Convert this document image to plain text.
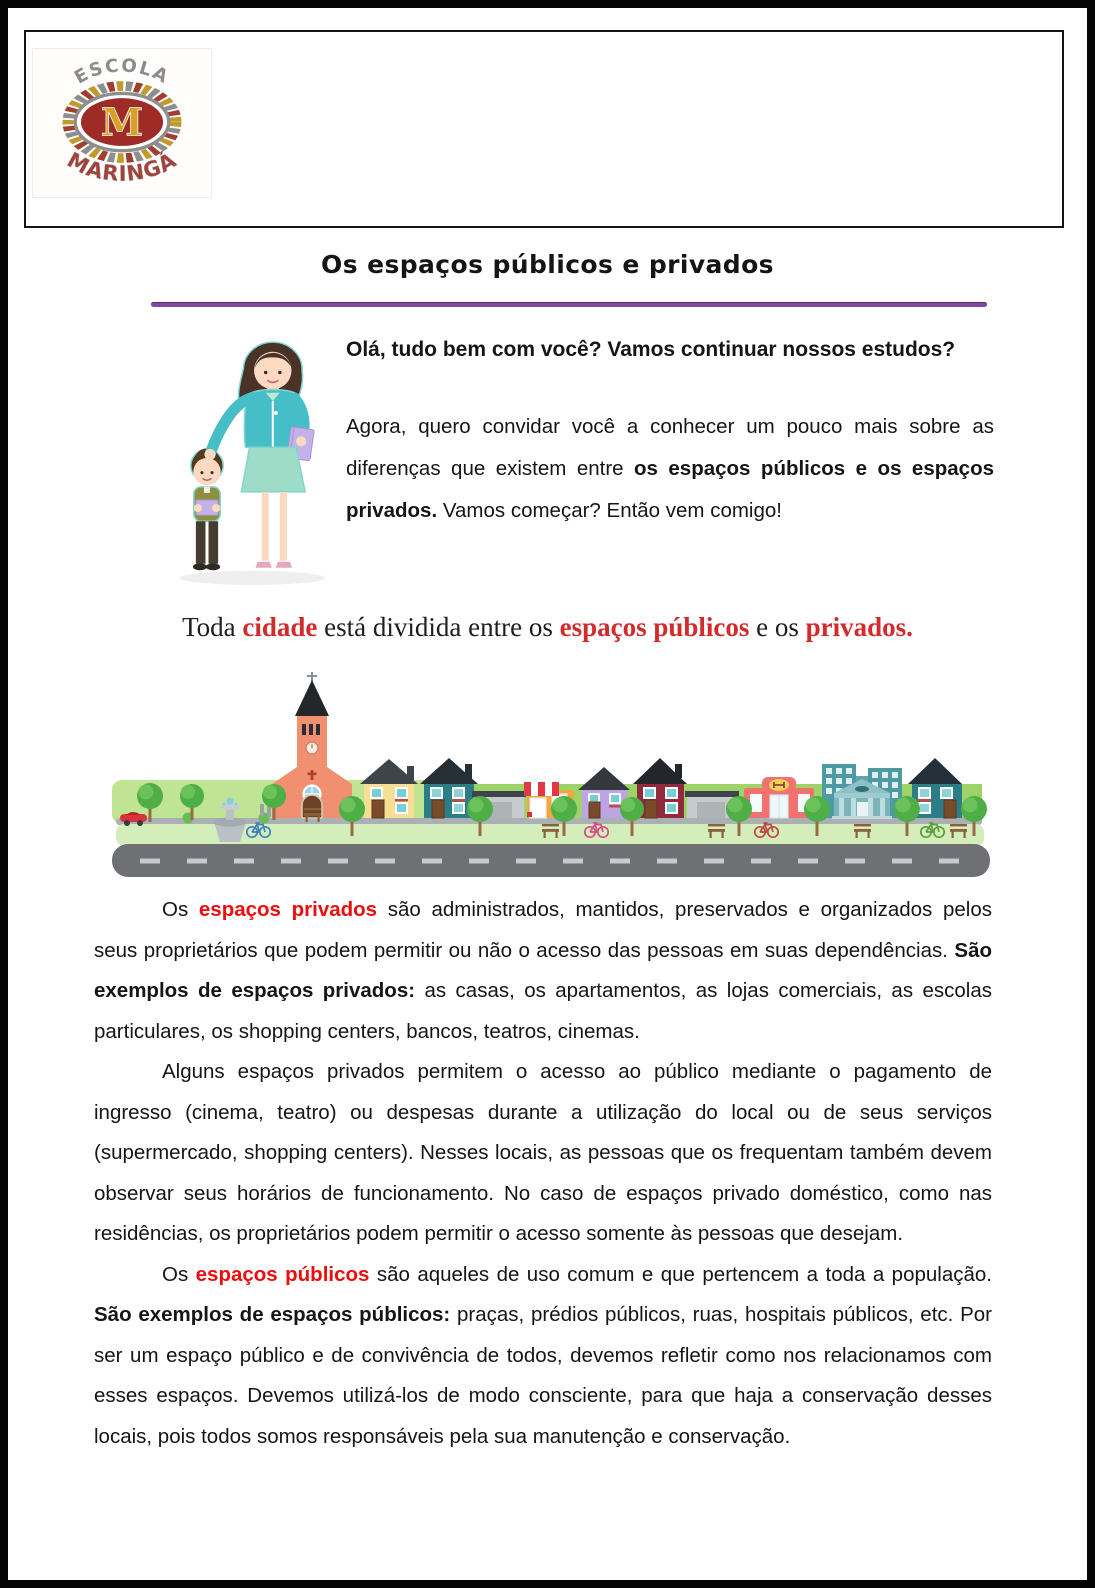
M
ESCOLA
MARINGÁ
Os espaços públicos e privados
Olá, tudo bem com você? Vamos continuar nossos estudos?
Agora, quero convidar você a conhecer um pouco mais sobre as diferenças que existem entre os espaços públicos e os espaços privados. Vamos começar? Então vem comigo!
Toda cidade está dividida entre os espaços públicos e os privados.

Os espaços privados são administrados, mantidos, preservados e organizados pelos seus proprietários que podem permitir ou não o acesso das pessoas em suas dependências. São exemplos de espaços privados: as casas, os apartamentos, as lojas comerciais, as escolas particulares, os shopping centers, bancos, teatros, cinemas.

Alguns espaços privados permitem o acesso ao público mediante o pagamento de ingresso (cinema, teatro) ou despesas durante a utilização do local ou de seus serviços (supermercado, shopping centers). Nesses locais, as pessoas que os frequentam também devem observar seus horários de funcionamento. No caso de espaços privado doméstico, como nas residências, os proprietários podem permitir o acesso somente às pessoas que desejam.

Os espaços públicos são aqueles de uso comum e que pertencem a toda a população. São exemplos de espaços públicos: praças, prédios públicos, ruas, hospitais públicos, etc. Por ser um espaço público e de convivência de todos, devemos refletir como nos relacionamos com esses espaços. Devemos utilizá-los de modo consciente, para que haja a conservação desses locais, pois todos somos responsáveis pela sua manutenção e conservação.
